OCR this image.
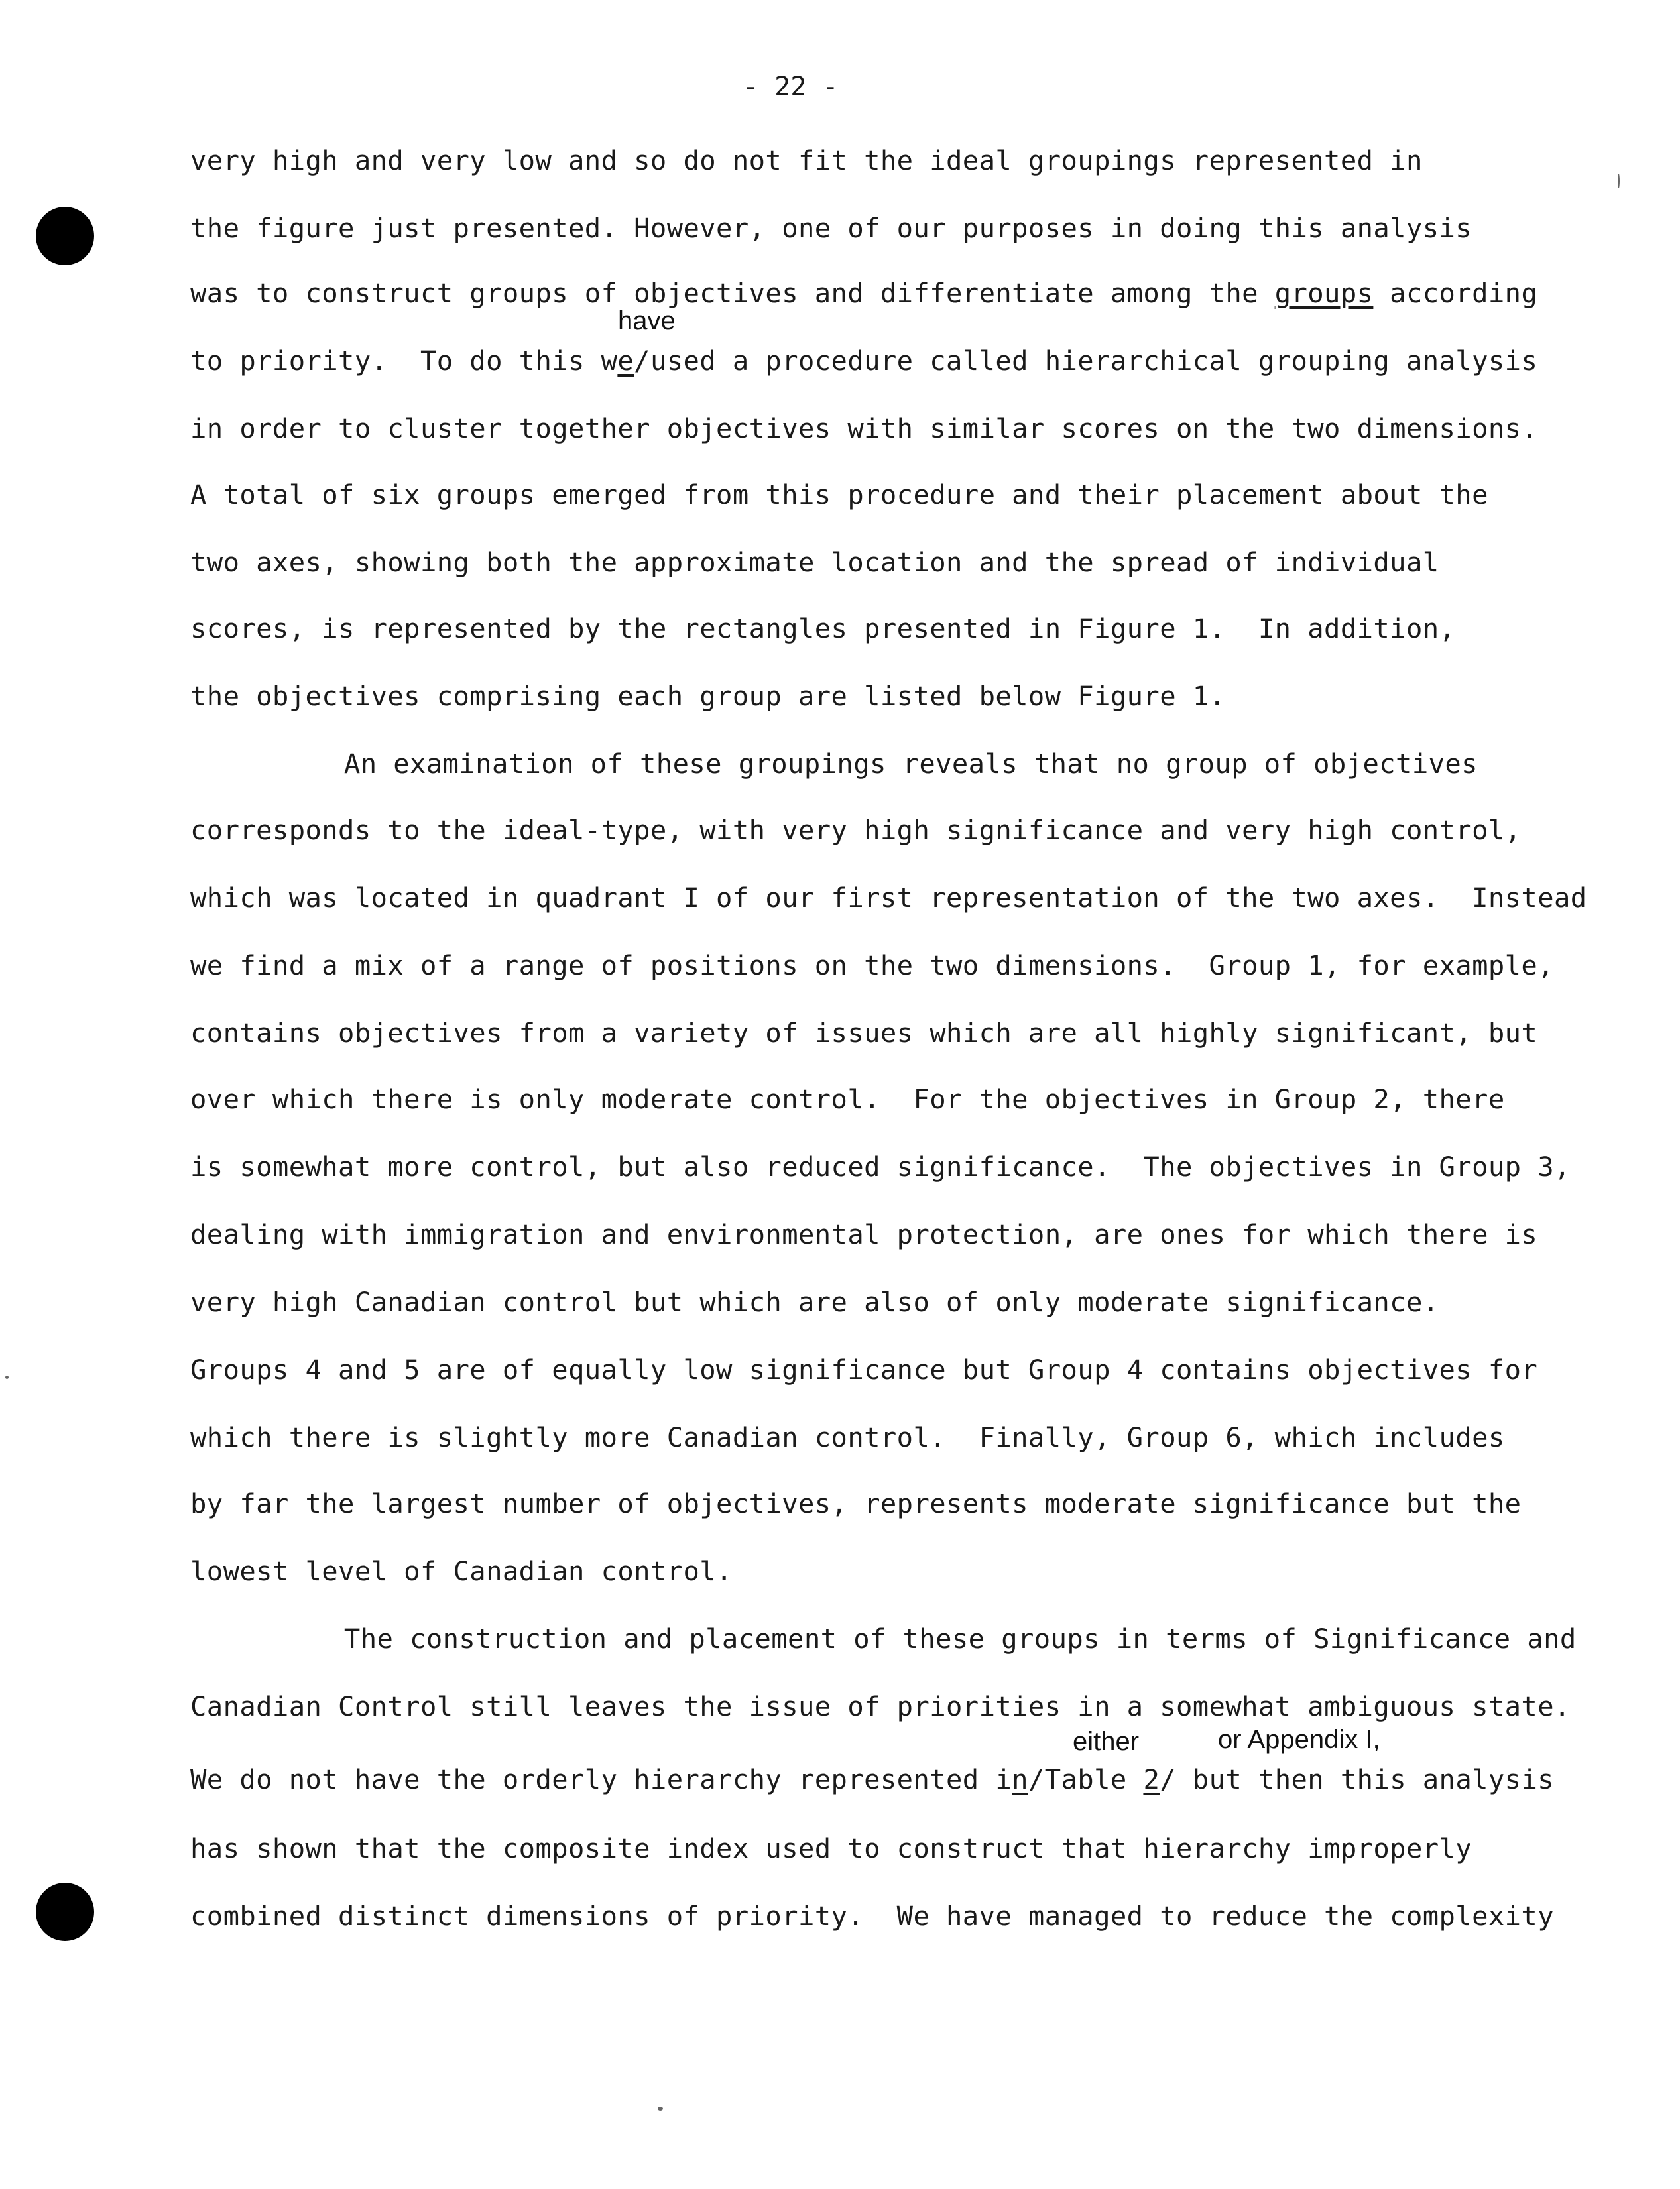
- 22 -
have
either	or Appendix I,
very high and very low and so do not fit the ideal groupings represented in
the figure just presented. However, one of our purposes in doing this analysis
was to construct groups of objectives and differentiate among the groups according
to priority.  To do this we/used a procedure called hierarchical grouping analysis
in order to cluster together objectives with similar scores on the two dimensions.
A total of six groups emerged from this procedure and their placement about the
two axes, showing both the approximate location and the spread of individual
scores, is represented by the rectangles presented in Figure 1.  In addition,
the objectives comprising each group are listed below Figure 1.
An examination of these groupings reveals that no group of objectives
corresponds to the ideal-type, with very high significance and very high control,
which was located in quadrant I of our first representation of the two axes.  Instead
we find a mix of a range of positions on the two dimensions.  Group 1, for example,
contains objectives from a variety of issues which are all highly significant, but
over which there is only moderate control.  For the objectives in Group 2, there
is somewhat more control, but also reduced significance.  The objectives in Group 3,
dealing with immigration and environmental protection, are ones for which there is
very high Canadian control but which are also of only moderate significance.
Groups 4 and 5 are of equally low significance but Group 4 contains objectives for
which there is slightly more Canadian control.  Finally, Group 6, which includes
by far the largest number of objectives, represents moderate significance but the
lowest level of Canadian control.
The construction and placement of these groups in terms of Significance and
Canadian Control still leaves the issue of priorities in a somewhat ambiguous state.
We do not have the orderly hierarchy represented in/Table 2/ but then this analysis
has shown that the composite index used to construct that hierarchy improperly
combined distinct dimensions of priority.  We have managed to reduce the complexity
